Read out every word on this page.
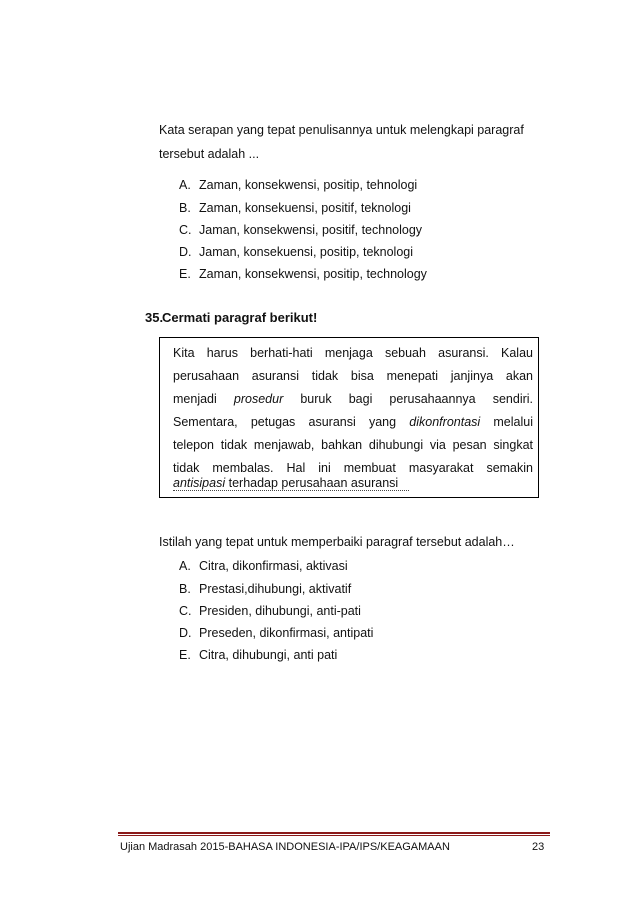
Kata serapan yang tepat penulisannya untuk melengkapi paragraf
tersebut adalah ...
A. Zaman, konsekwensi, positip, tehnologi
B. Zaman, konsekuensi, positif, teknologi
C. Jaman, konsekwensi, positif, technology
D. Jaman, konsekuensi, positip, teknologi
E. Zaman, konsekwensi, positip, technology
35.
Cermati paragraf berikut!
Kita harus berhati-hati menjaga sebuah asuransi. Kalau
perusahaan asuransi tidak bisa menepati janjinya akan
menjadi prosedur buruk bagi perusahaannya sendiri.
Sementara, petugas asuransi yang dikonfrontasi melalui
telepon tidak menjawab, bahkan dihubungi via pesan singkat
tidak membalas. Hal ini membuat masyarakat semakin
antisipasi terhadap perusahaan asuransi
Istilah yang tepat untuk memperbaiki paragraf tersebut adalah…
A. Citra, dikonfirmasi, aktivasi
B. Prestasi,dihubungi, aktivatif
C. Presiden, dihubungi, anti-pati
D. Preseden, dikonfirmasi, antipati
E. Citra, dihubungi, anti pati
Ujian Madrasah 2015-BAHASA INDONESIA-IPA/IPS/KEAGAMAAN	23
